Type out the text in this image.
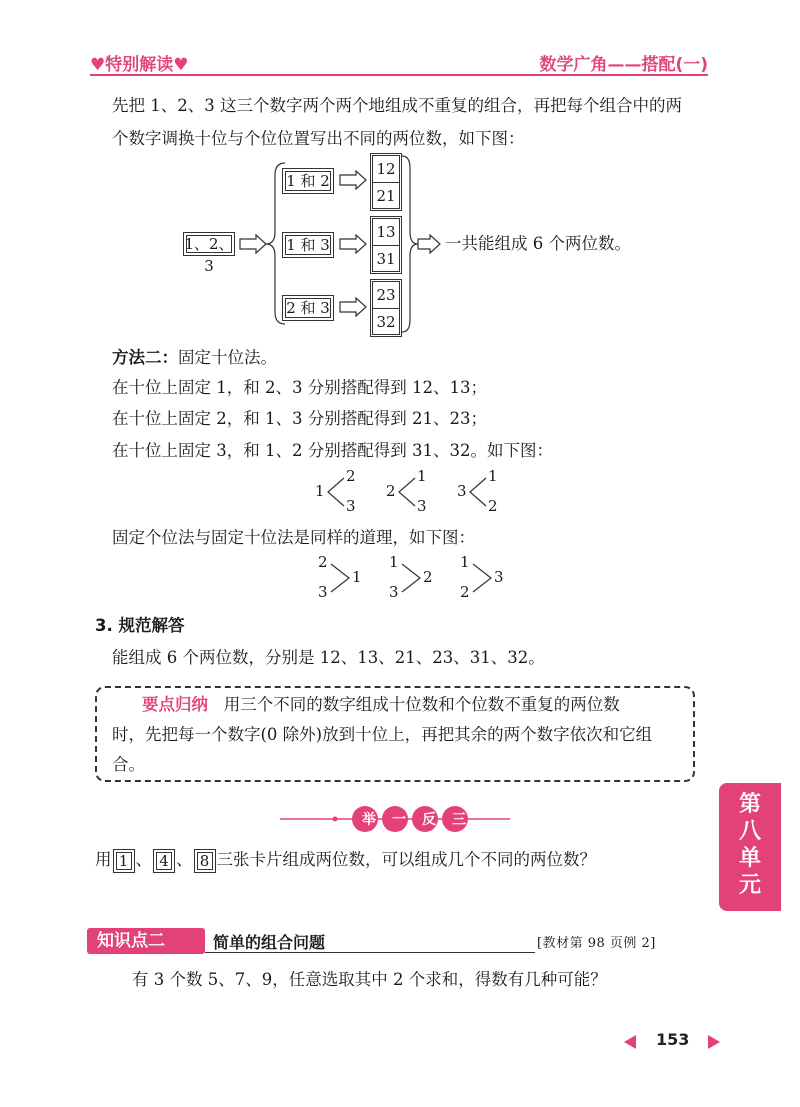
♥特别解读♥	数学广角——搭配(一)
先把 1、2、3 这三个数字两个两个地组成不重复的组合，再把每个组合中的两
个数字调换十位与个位位置写出不同的两位数，如下图：
1、2、3
1 和 2
1 和 3
2 和 3
12
21
13
31
23
32
一共能组成 6 个两位数。
方法二：固定十位法。
在十位上固定 1，和 2、3 分别搭配得到 12、13；
在十位上固定 2，和 1、3 分别搭配得到 21、23；
在十位上固定 3，和 1、2 分别搭配得到 31、32。如下图：
1
2
3
2
1
3
3
1
2
固定个位法与固定十位法是同样的道理，如下图：
2
3
1
1
3
2
1
2
3
3. 规范解答
能组成 6 个两位数，分别是 12、13、21、23、31、32。
要点归纳 用三个不同的数字组成十位数和个位数不重复的两位数
时，先把每一个数字(0 除外)放到十位上，再把其余的两个数字依次和它组
合。
举	一	反	三
用 1 、 4 、 8 三张卡片组成两位数，可以组成几个不同的两位数？
第
八
单
元
知识点二	简单的组合问题	[教材第 98 页例 2]
有 3 个数 5、7、9，任意选取其中 2 个求和，得数有几种可能？
153
